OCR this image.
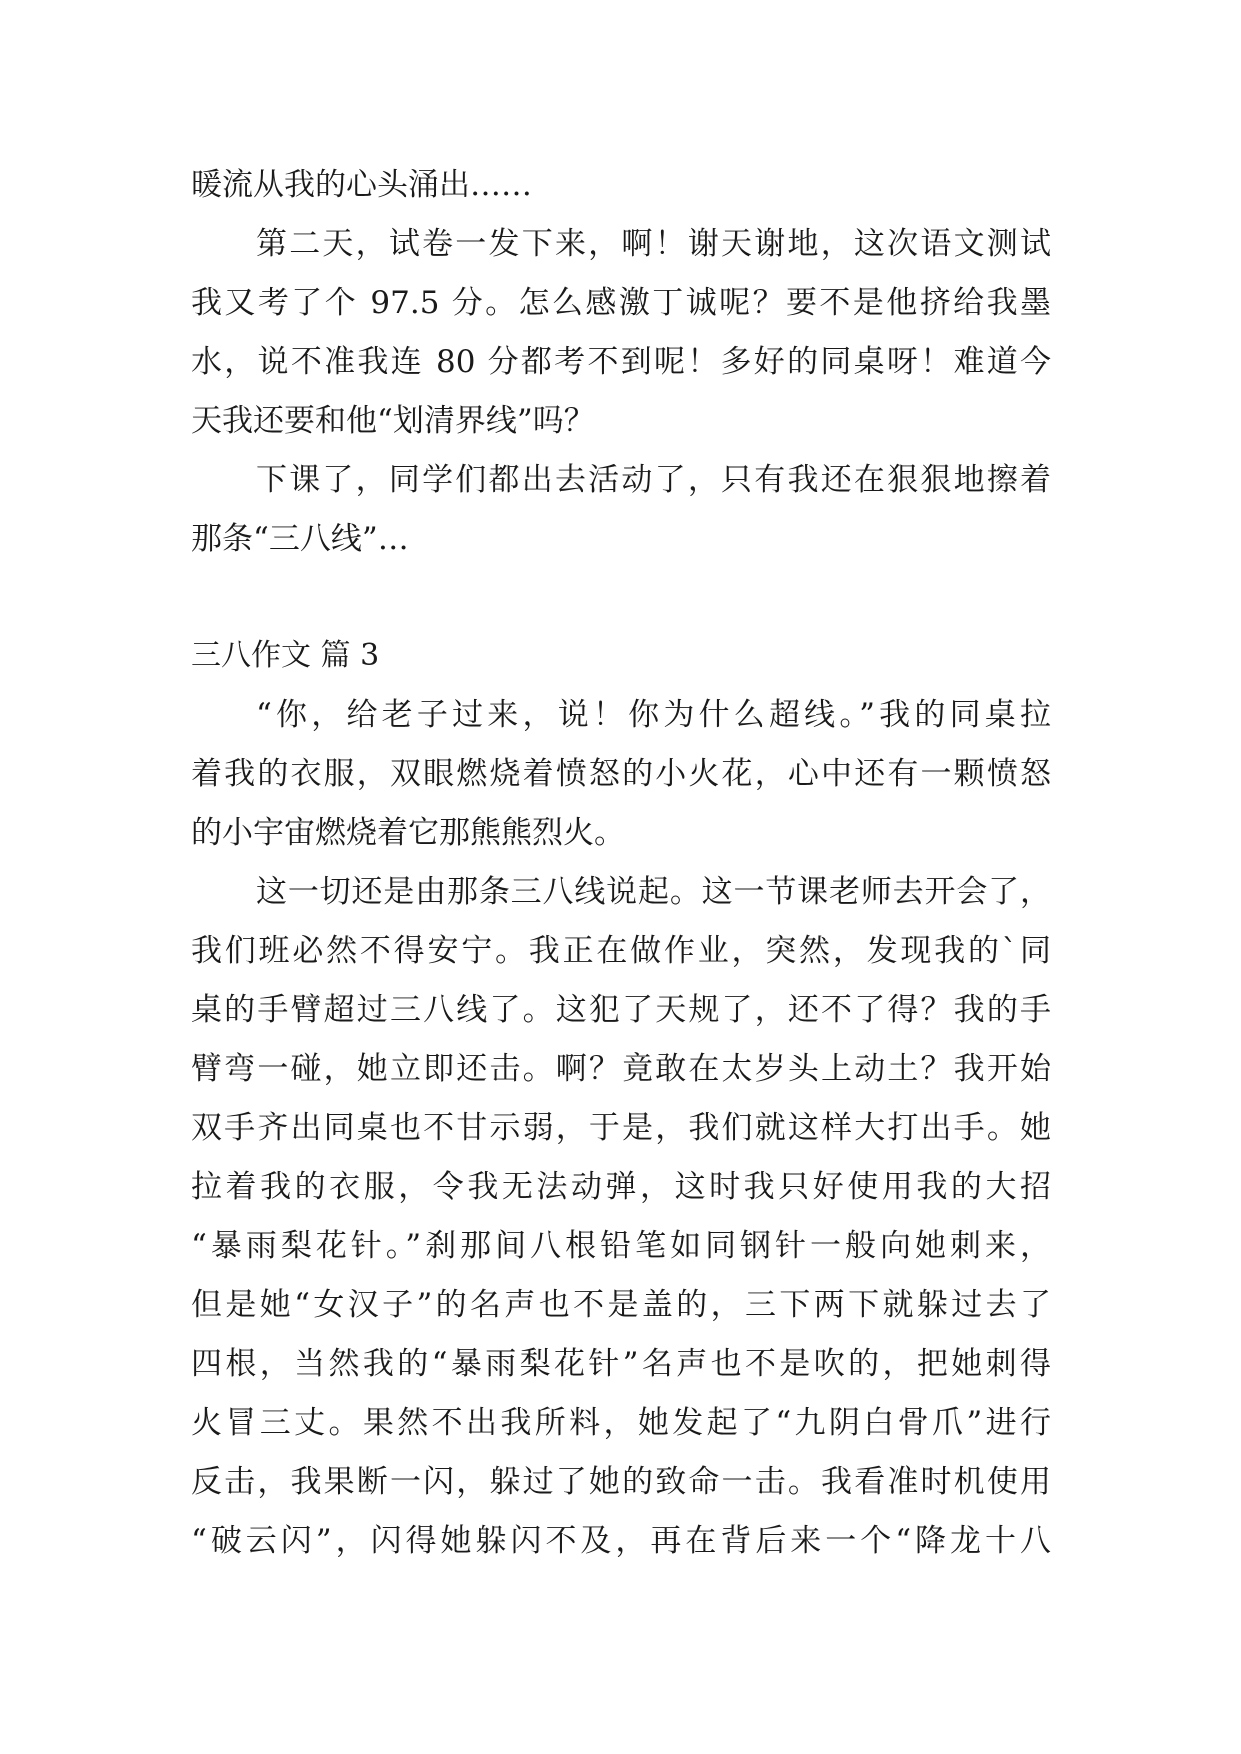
暖流从我的心头涌出……
第二天，试卷一发下来，啊！谢天谢地，这次语文测试
我又考了个 97.5 分。怎么感激丁诚呢？要不是他挤给我墨
水，说不准我连 80 分都考不到呢！多好的同桌呀！难道今
天我还要和他“划清界线”吗？
下课了，同学们都出去活动了，只有我还在狠狠地擦着
那条“三八线”…
三八作文 篇 3
“你，给老子过来，说！你为什么超线。”我的同桌拉
着我的衣服，双眼燃烧着愤怒的小火花，心中还有一颗愤怒
的小宇宙燃烧着它那熊熊烈火。
这一切还是由那条三八线说起。这一节课老师去开会了，
我们班必然不得安宁。我正在做作业，突然，发现我的`同
桌的手臂超过三八线了。这犯了天规了，还不了得？我的手
臂弯一碰，她立即还击。啊？竟敢在太岁头上动土？我开始
双手齐出同桌也不甘示弱，于是，我们就这样大打出手。她
拉着我的衣服，令我无法动弹，这时我只好使用我的大招
“暴雨梨花针。”刹那间八根铅笔如同钢针一般向她刺来，
但是她“女汉子”的名声也不是盖的，三下两下就躲过去了
四根，当然我的“暴雨梨花针”名声也不是吹的，把她刺得
火冒三丈。果然不出我所料，她发起了“九阴白骨爪”进行
反击，我果断一闪，躲过了她的致命一击。我看准时机使用
“破云闪”，闪得她躲闪不及，再在背后来一个“降龙十八
